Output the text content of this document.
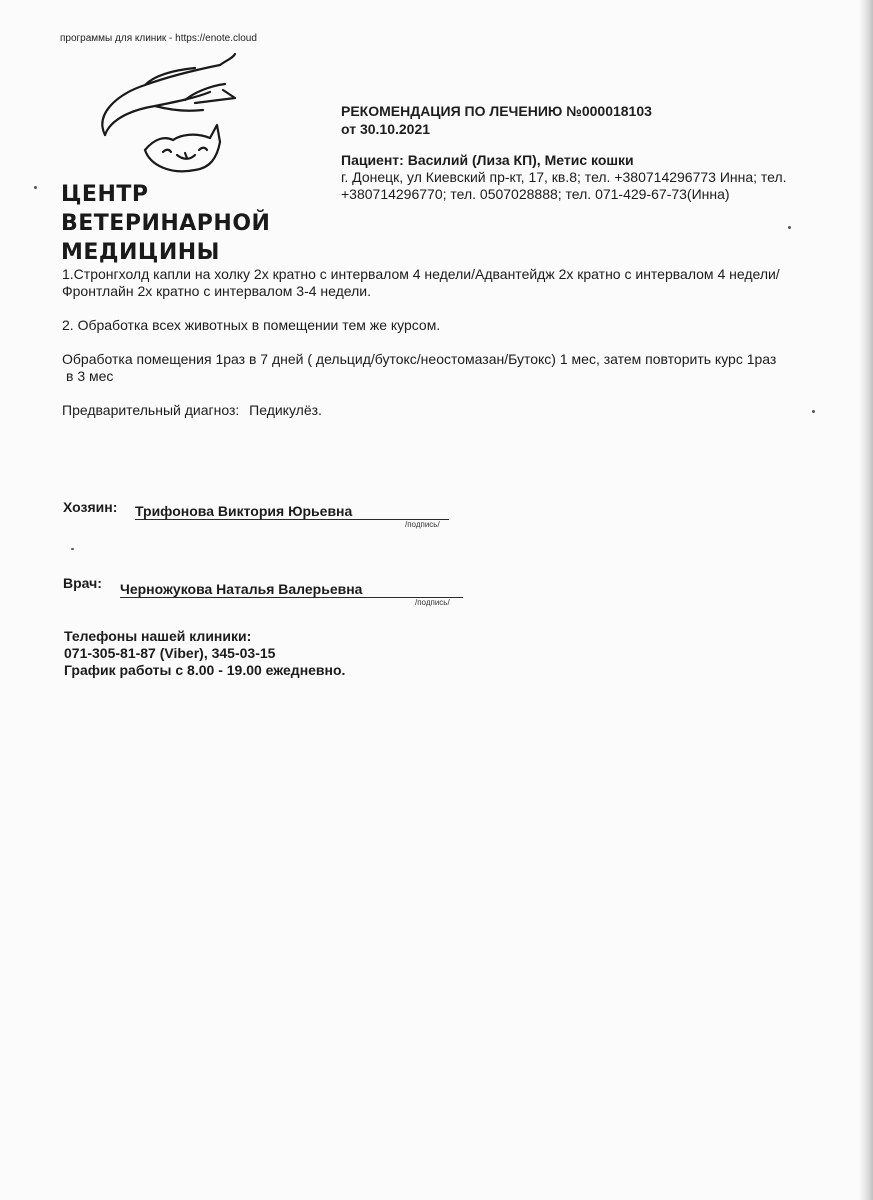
программы для клиник - https://enote.cloud
ЦЕНТР
ВЕТЕРИНАРНОЙ
МЕДИЦИНЫ
РЕКОМЕНДАЦИЯ ПО ЛЕЧЕНИЮ №000018103
от 30.10.2021
Пациент: Василий (Лиза КП), Метис кошки
г. Донецк, ул Киевский пр-кт, 17, кв.8; тел. +380714296773 Инна; тел.
+380714296770; тел. 0507028888; тел. 071-429-67-73(Инна)
1.Стронгхолд капли на холку 2х кратно с интервалом 4 недели/Адвантейдж 2х кратно с интервалом 4 недели/
Фронтлайн 2х кратно с интервалом 3-4 недели.
2. Обработка всех животных в помещении тем же курсом.
Обработка помещения 1раз в 7 дней ( дельцид/бутокс/неостомазан/Бутокс) 1 мес, затем повторить курс 1раз
в 3 мес
Предварительный диагноз: Педикулёз.
Хозяин: Трифонова Виктория Юрьевна
/подпись/
Врач: Черножукова Наталья Валерьевна
/подпись/
Телефоны нашей клиники:
071-305-81-87 (Viber), 345-03-15
График работы с 8.00 - 19.00 ежедневно.
